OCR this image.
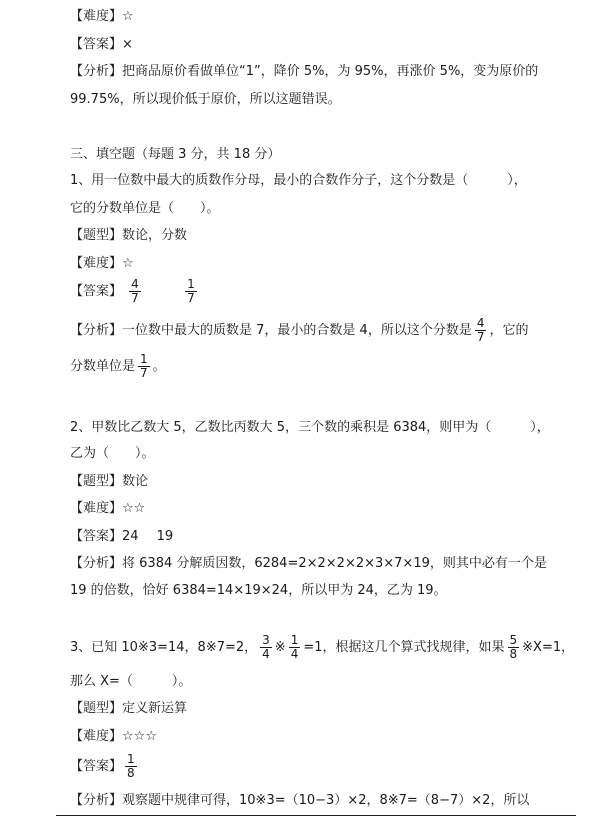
【难度】☆
【答案】×
【分析】把商品原价看做单位“1”，降价 5%，为 95%，再涨价 5%，变为原价的
99.75%，所以现价低于原价，所以这题错误。
三、填空题（每题 3 分，共 18 分）
1、用一位数中最大的质数作分母，最小的合数作分子，这个分数是（　　　），
它的分数单位是（　　）。
【题型】数论，分数
【难度】☆
【答案】 $\frac{4}{7}$
	$\frac{1}{7}$
【分析】一位数中最大的质数是 7，最小的合数是 4，所以这个分数是 $\frac{4}{7}$ ，它的
分数单位是 $\frac{1}{7}$ 。
2、甲数比乙数大 5，乙数比丙数大 5，三个数的乘积是 6384，则甲为（　　　），
乙为（　　）。
【题型】数论
【难度】☆☆
【答案】24 19
【分析】将 6384 分解质因数，6284=2×2×2×2×3×7×19，则其中必有一个是
19 的倍数，恰好 6384=14×19×24，所以甲为 24，乙为 19。
3、已知 10※3=14，8※7=2， $\frac{3}{4}$ ※ $\frac{1}{4} =1$，根据这几个算式找规律，如果 $\frac{5}{8}$ ※X=1，
那么 X=（　　　）。
【题型】定义新运算
【难度】☆☆☆
【答案】 $\frac{1}{8}$
【分析】观察题中规律可得，10※3=（10−3）×2，8※7=（8−7）×2，所以
